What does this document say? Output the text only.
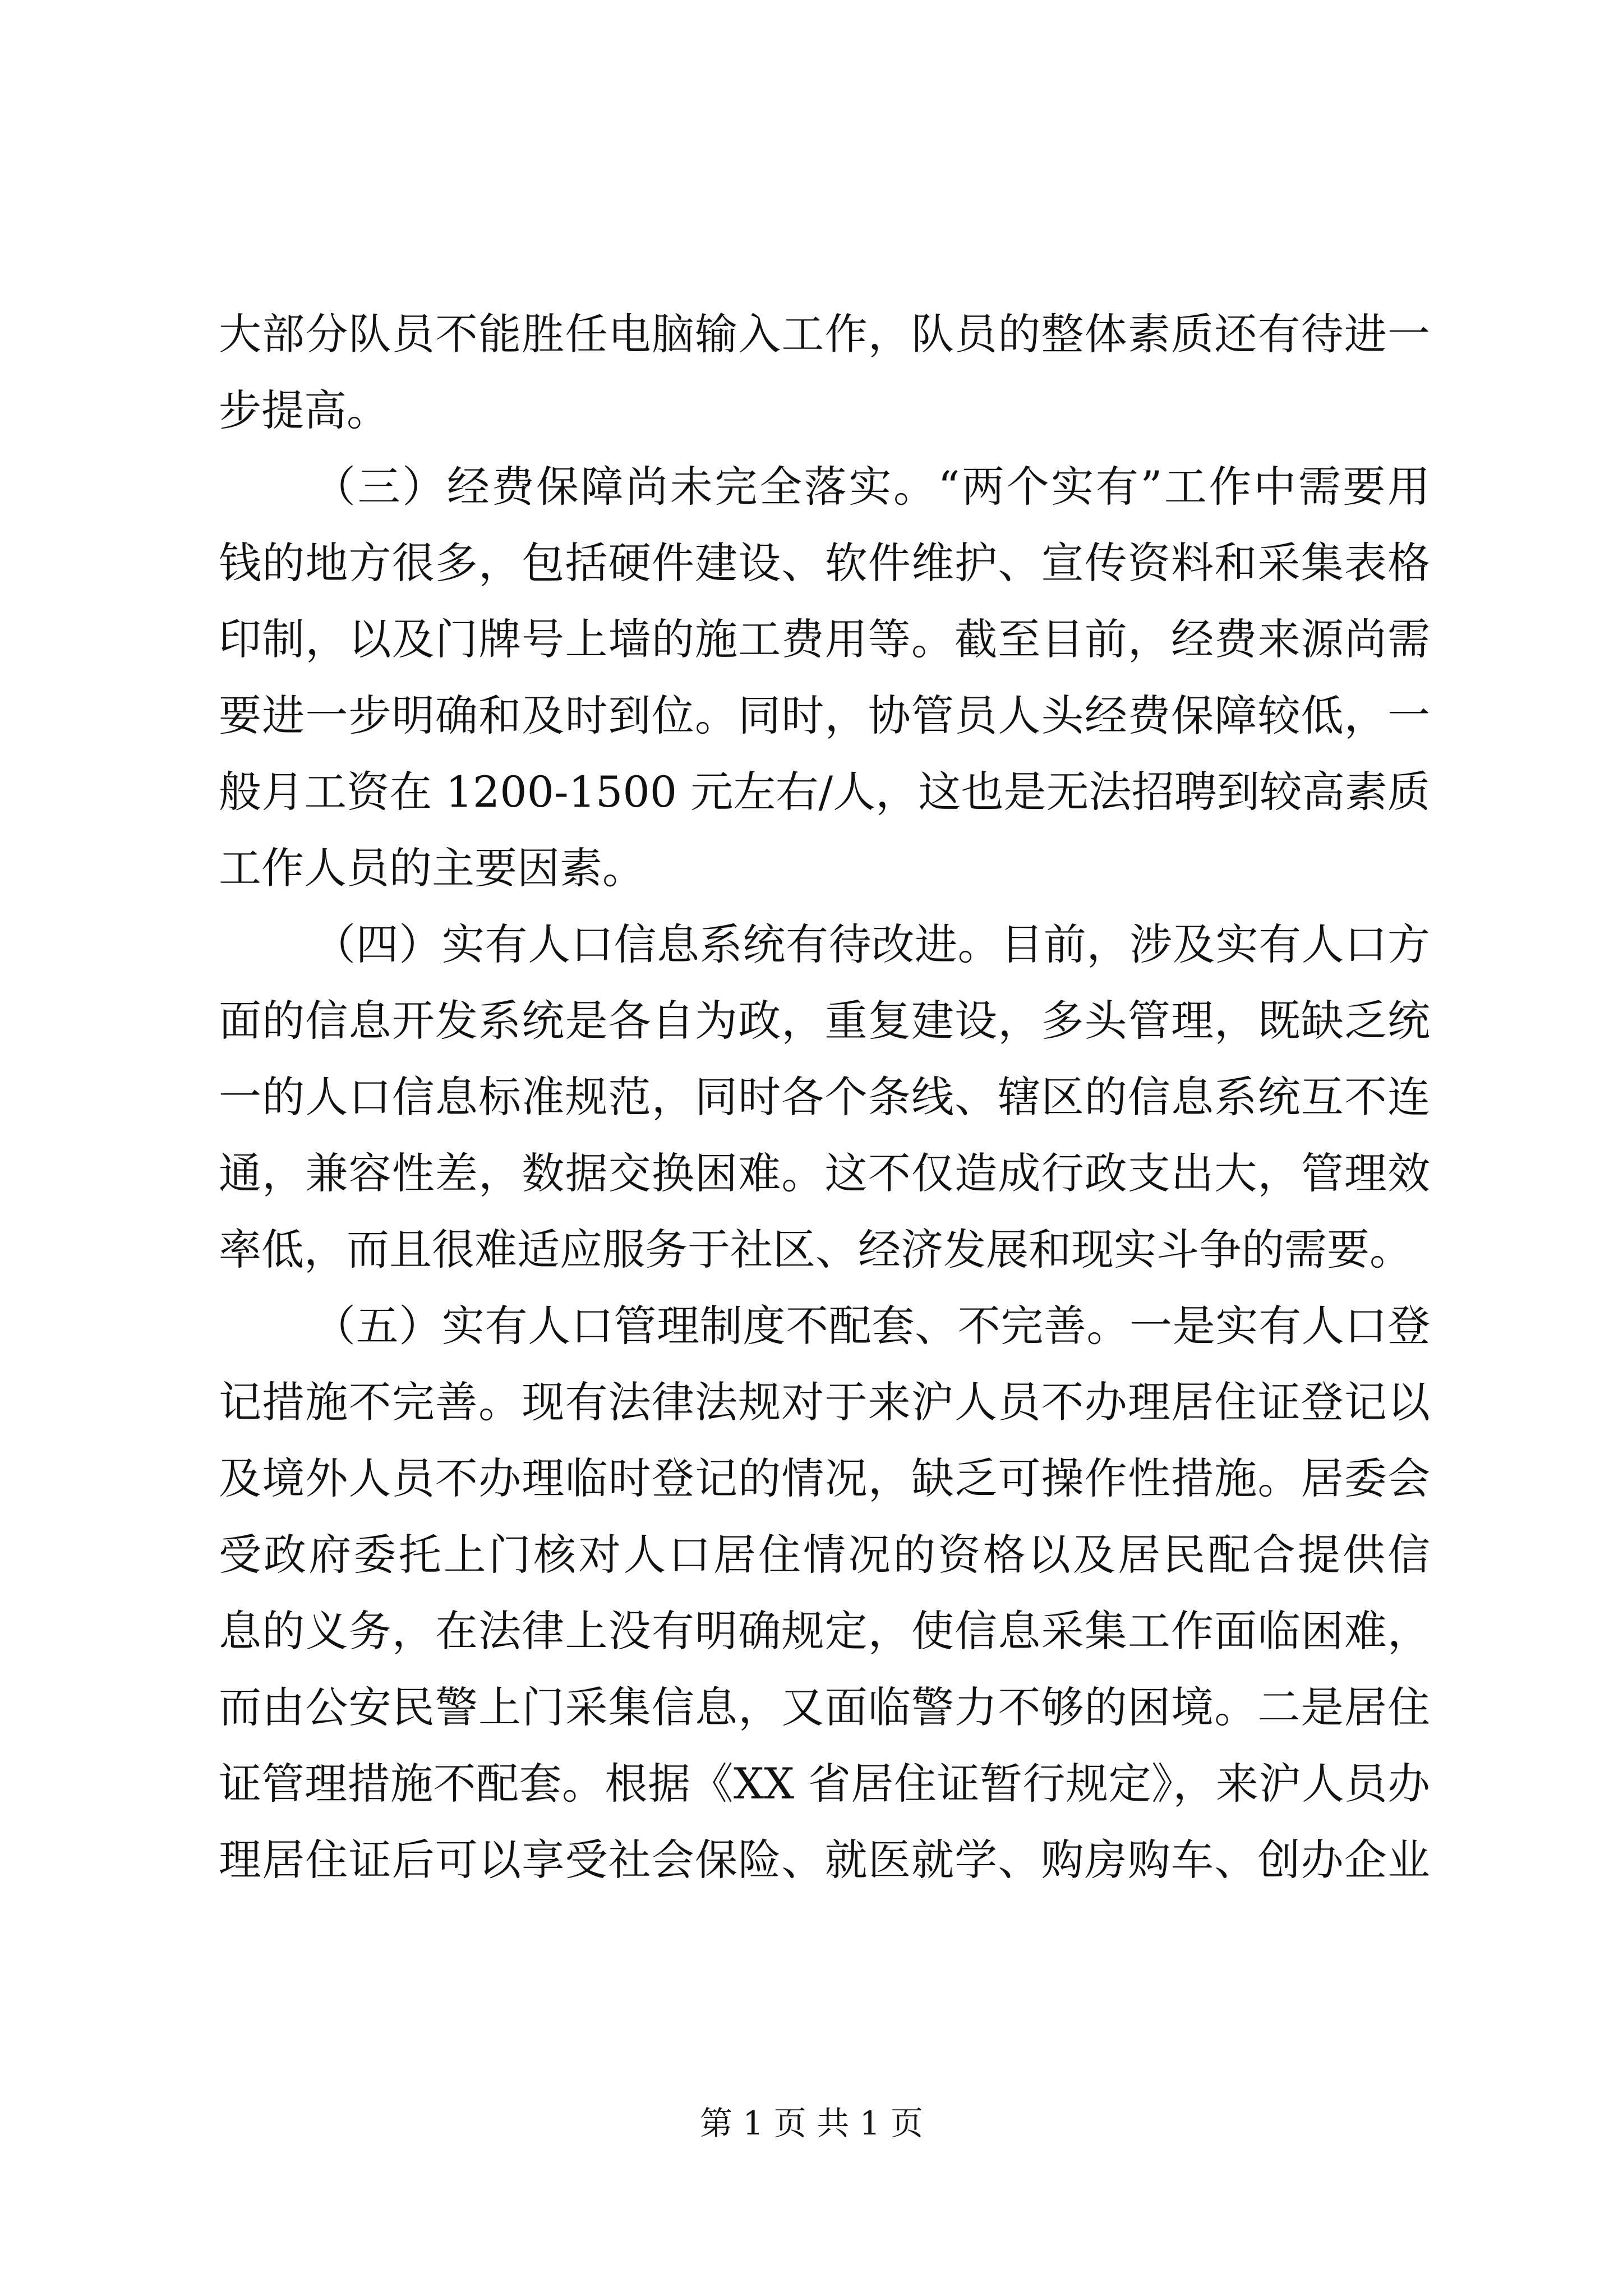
大部分队员不能胜任电脑输入工作，队员的整体素质还有待进一
步提高。
（三）经费保障尚未完全落实。“两个实有”工作中需要用
钱的地方很多，包括硬件建设、软件维护、宣传资料和采集表格
印制，以及门牌号上墙的施工费用等。截至目前，经费来源尚需
要进一步明确和及时到位。同时，协管员人头经费保障较低，一
般月工资在 1200-1500 元左右/人，这也是无法招聘到较高素质
工作人员的主要因素。
（四）实有人口信息系统有待改进。目前，涉及实有人口方
面的信息开发系统是各自为政，重复建设，多头管理，既缺乏统
一的人口信息标准规范，同时各个条线、辖区的信息系统互不连
通，兼容性差，数据交换困难。这不仅造成行政支出大，管理效
率低，而且很难适应服务于社区、经济发展和现实斗争的需要。
（五）实有人口管理制度不配套、不完善。一是实有人口登
记措施不完善。现有法律法规对于来沪人员不办理居住证登记以
及境外人员不办理临时登记的情况，缺乏可操作性措施。居委会
受政府委托上门核对人口居住情况的资格以及居民配合提供信
息的义务，在法律上没有明确规定，使信息采集工作面临困难，
而由公安民警上门采集信息，又面临警力不够的困境。二是居住
证管理措施不配套。根据《XX 省居住证暂行规定》，来沪人员办
理居住证后可以享受社会保险、就医就学、购房购车、创办企业
第 1 页 共 1 页
